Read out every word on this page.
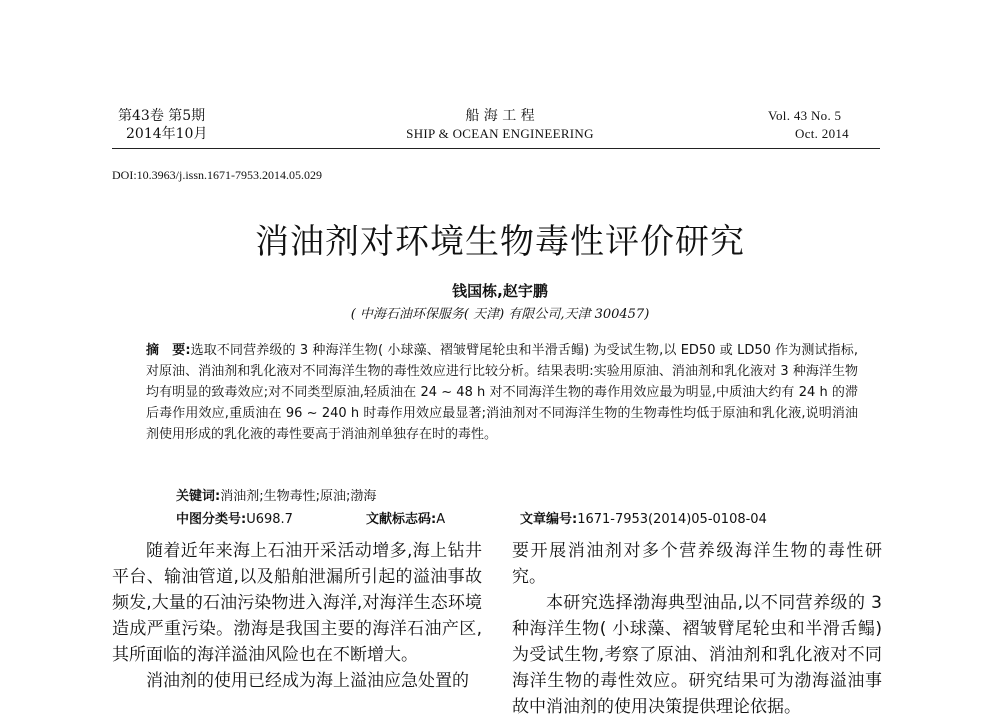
第43卷 第5期
2014年10月
船 海 工 程
SHIP & OCEAN ENGINEERING
Vol. 43 No. 5
Oct. 2014
DOI:10.3963/j.issn.1671-7953.2014.05.029
消油剂对环境生物毒性评价研究
钱国栋,赵宇鹏
( 中海石油环保服务( 天津) 有限公司,天津 300457)
摘　要:选取不同营养级的 3 种海洋生物( 小球藻、褶皱臂尾轮虫和半滑舌鳎) 为受试生物,以 ED50 或 LD50 作为测试指标,对原油、消油剂和乳化液对不同海洋生物的毒性效应进行比较分析。结果表明:实验用原油、消油剂和乳化液对 3 种海洋生物均有明显的致毒效应;对不同类型原油,轻质油在 24 ~ 48 h 对不同海洋生物的毒作用效应最为明显,中质油大约有 24 h 的滞后毒作用效应,重质油在 96 ~ 240 h 时毒作用效应最显著;消油剂对不同海洋生物的生物毒性均低于原油和乳化液,说明消油剂使用形成的乳化液的毒性要高于消油剂单独存在时的毒性。
关键词:消油剂;生物毒性;原油;渤海
中图分类号:U698.7	文献标志码:A	文章编号:1671-7953(2014)05-0108-04

随着近年来海上石油开采活动增多,海上钻井平台、输油管道,以及船舶泄漏所引起的溢油事故频发,大量的石油污染物进入海洋,对海洋生态环境造成严重污染。渤海是我国主要的海洋石油产区,其所面临的海洋溢油风险也在不断增大。

消油剂的使用已经成为海上溢油应急处置的

要开展消油剂对多个营养级海洋生物的毒性研究。

本研究选择渤海典型油品,以不同营养级的 3 种海洋生物( 小球藻、褶皱臂尾轮虫和半滑舌鳎) 为受试生物,考察了原油、消油剂和乳化液对不同海洋生物的毒性效应。研究结果可为渤海溢油事故中消油剂的使用决策提供理论依据。
